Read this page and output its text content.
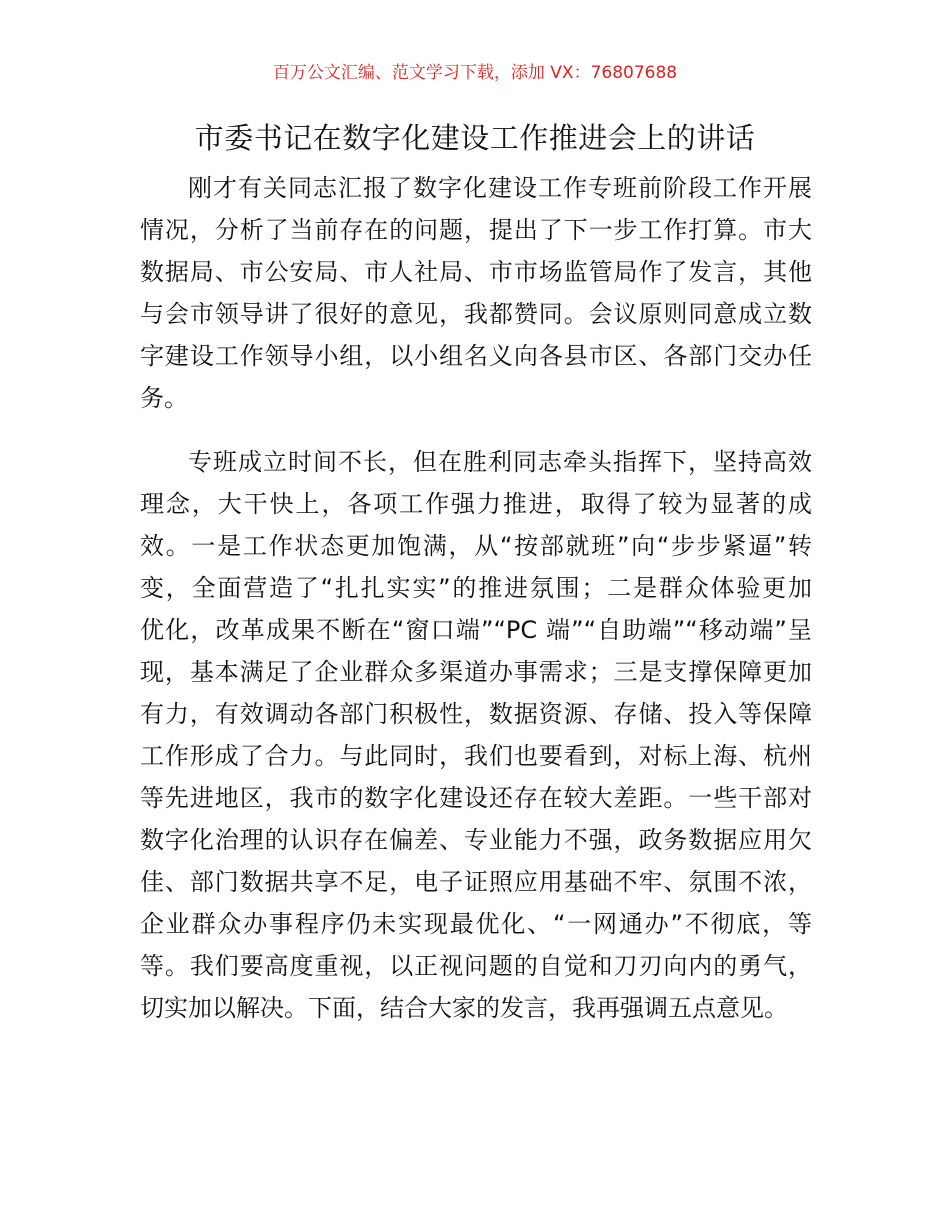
百万公文汇编、范文学习下载，添加 VX：76807688
市委书记在数字化建设工作推进会上的讲话
刚才有关同志汇报了数字化建设工作专班前阶段工作开展
情况，分析了当前存在的问题，提出了下一步工作打算。市大
数据局、市公安局、市人社局、市市场监管局作了发言，其他
与会市领导讲了很好的意见，我都赞同。会议原则同意成立数
字建设工作领导小组，以小组名义向各县市区、各部门交办任
务。
专班成立时间不长，但在胜利同志牵头指挥下，坚持高效
理念，大干快上，各项工作强力推进，取得了较为显著的成
效。一是工作状态更加饱满，从“按部就班”向“步步紧逼”转
变，全面营造了“扎扎实实”的推进氛围；二是群众体验更加
优化，改革成果不断在“窗口端”“PC 端”“自助端”“移动端”呈
现，基本满足了企业群众多渠道办事需求；三是支撑保障更加
有力，有效调动各部门积极性，数据资源、存储、投入等保障
工作形成了合力。与此同时，我们也要看到，对标上海、杭州
等先进地区，我市的数字化建设还存在较大差距。一些干部对
数字化治理的认识存在偏差、专业能力不强，政务数据应用欠
佳、部门数据共享不足，电子证照应用基础不牢、氛围不浓，
企业群众办事程序仍未实现最优化、“一网通办”不彻底，等
等。我们要高度重视，以正视问题的自觉和刀刃向内的勇气，
切实加以解决。下面，结合大家的发言，我再强调五点意见。
